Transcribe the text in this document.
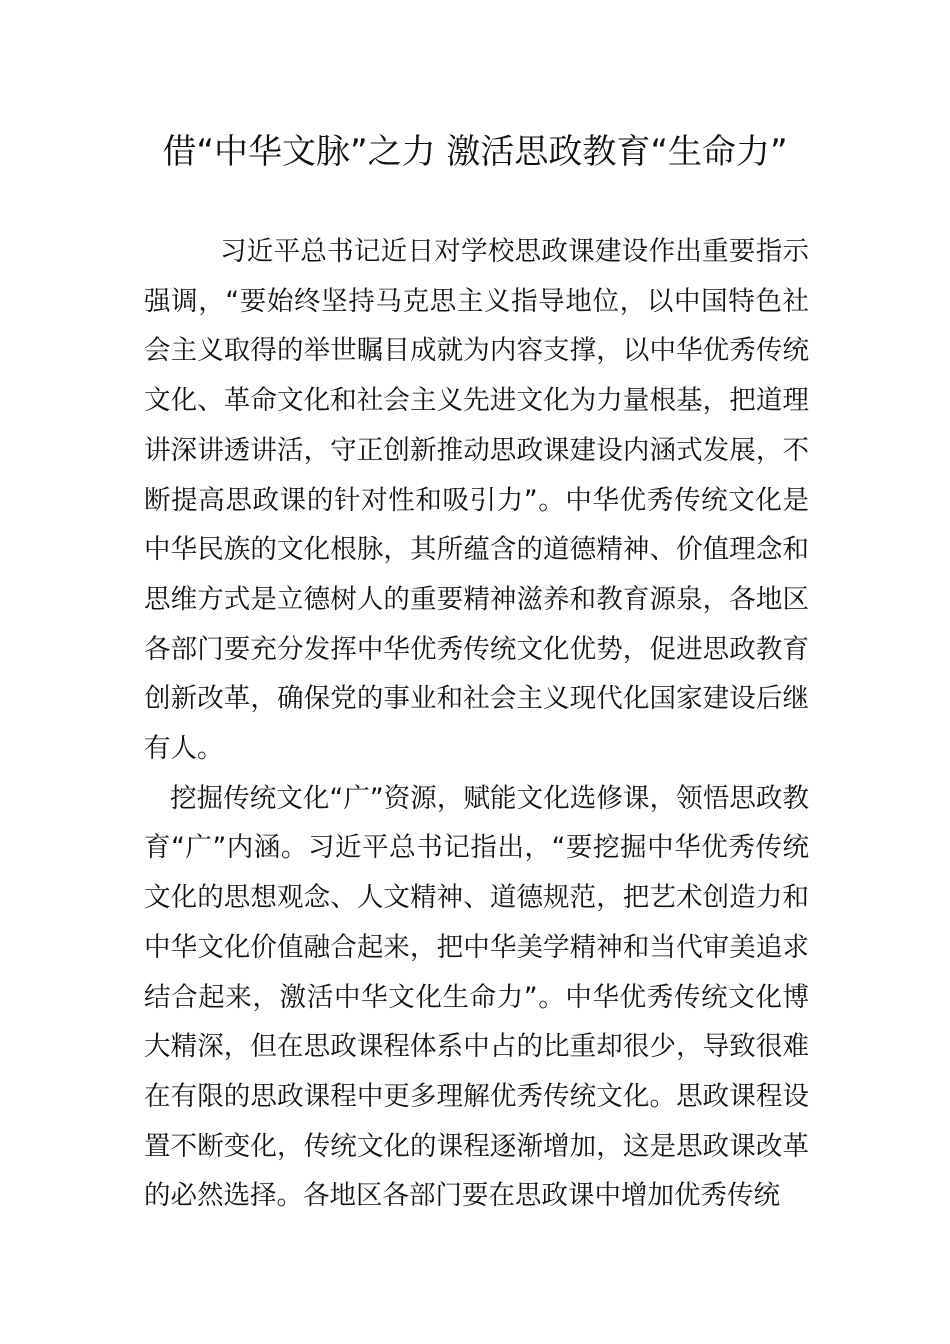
借“中华文脉”之力 激活思政教育“生命力”

习近平总书记近日对学校思政课建设作出重要指示强调，“要始终坚持马克思主义指导地位，以中国特色社会主义取得的举世瞩目成就为内容支撑，以中华优秀传统文化、革命文化和社会主义先进文化为力量根基，把道理讲深讲透讲活，守正创新推动思政课建设内涵式发展，不断提高思政课的针对性和吸引力”。中华优秀传统文化是中华民族的文化根脉，其所蕴含的道德精神、价值理念和思维方式是立德树人的重要精神滋养和教育源泉，各地区各部门要充分发挥中华优秀传统文化优势，促进思政教育创新改革，确保党的事业和社会主义现代化国家建设后继有人。

挖掘传统文化“广”资源，赋能文化选修课，领悟思政教育“广”内涵。习近平总书记指出，“要挖掘中华优秀传统文化的思想观念、人文精神、道德规范，把艺术创造力和中华文化价值融合起来，把中华美学精神和当代审美追求结合起来，激活中华文化生命力”。中华优秀传统文化博大精深，但在思政课程体系中占的比重却很少，导致很难在有限的思政课程中更多理解优秀传统文化。思政课程设置不断变化，传统文化的课程逐渐增加，这是思政课改革的必然选择。各地区各部门要在思政课中增加优秀传统
